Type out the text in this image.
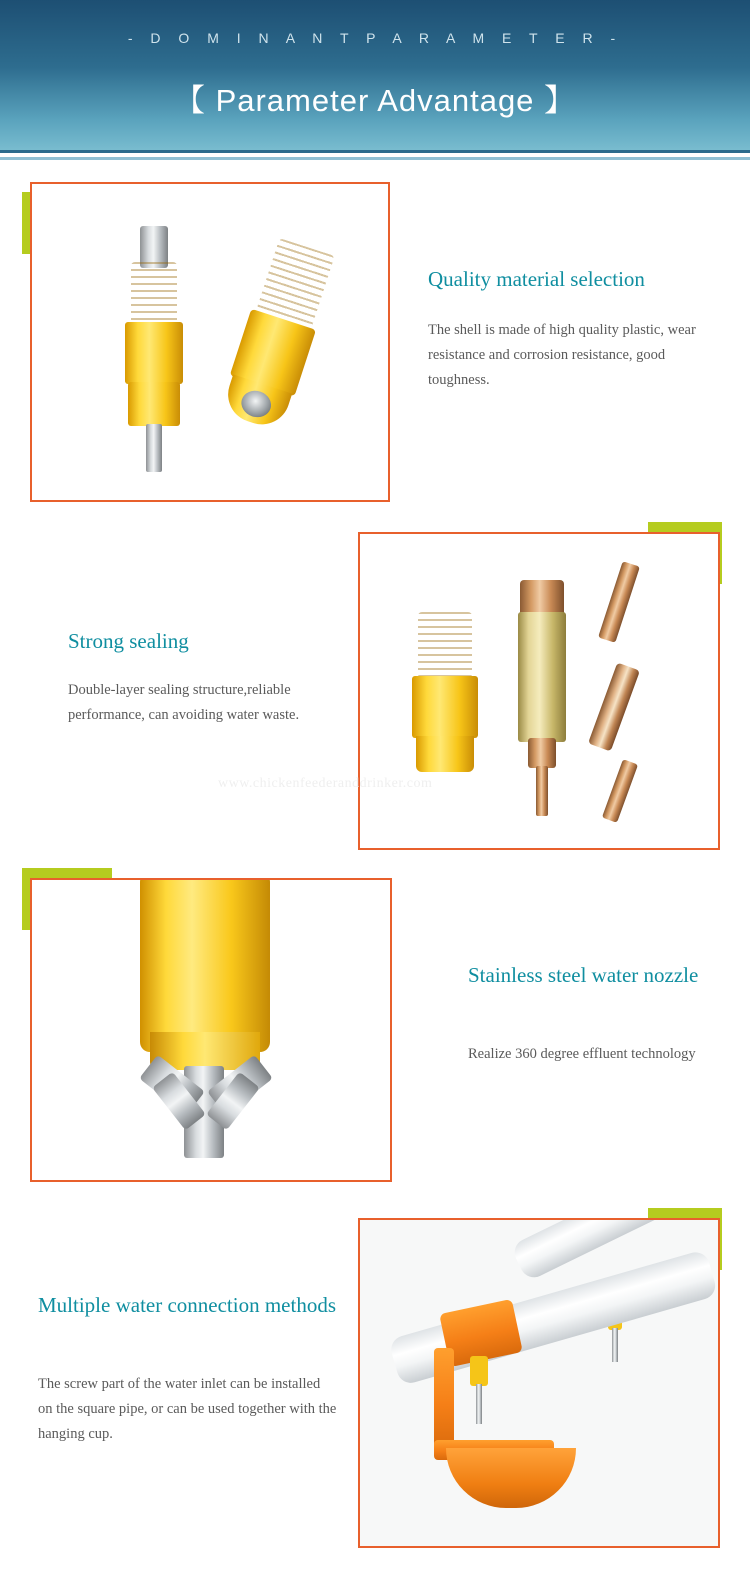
- D O M I N A N T P A R A M E T E R -
【 Parameter Advantage 】
Quality material selection
The shell is made of high quality plastic, wear resistance and corrosion resistance, good toughness.
www.chickenfeederanddrinker.com
Strong sealing
Double-layer sealing structure,reliable performance, can avoiding water waste.
Stainless steel water nozzle
Realize 360 degree effluent technology
Multiple water connection methods
The screw part of the water inlet can be installed on the square pipe, or can be used together with the hanging cup.
